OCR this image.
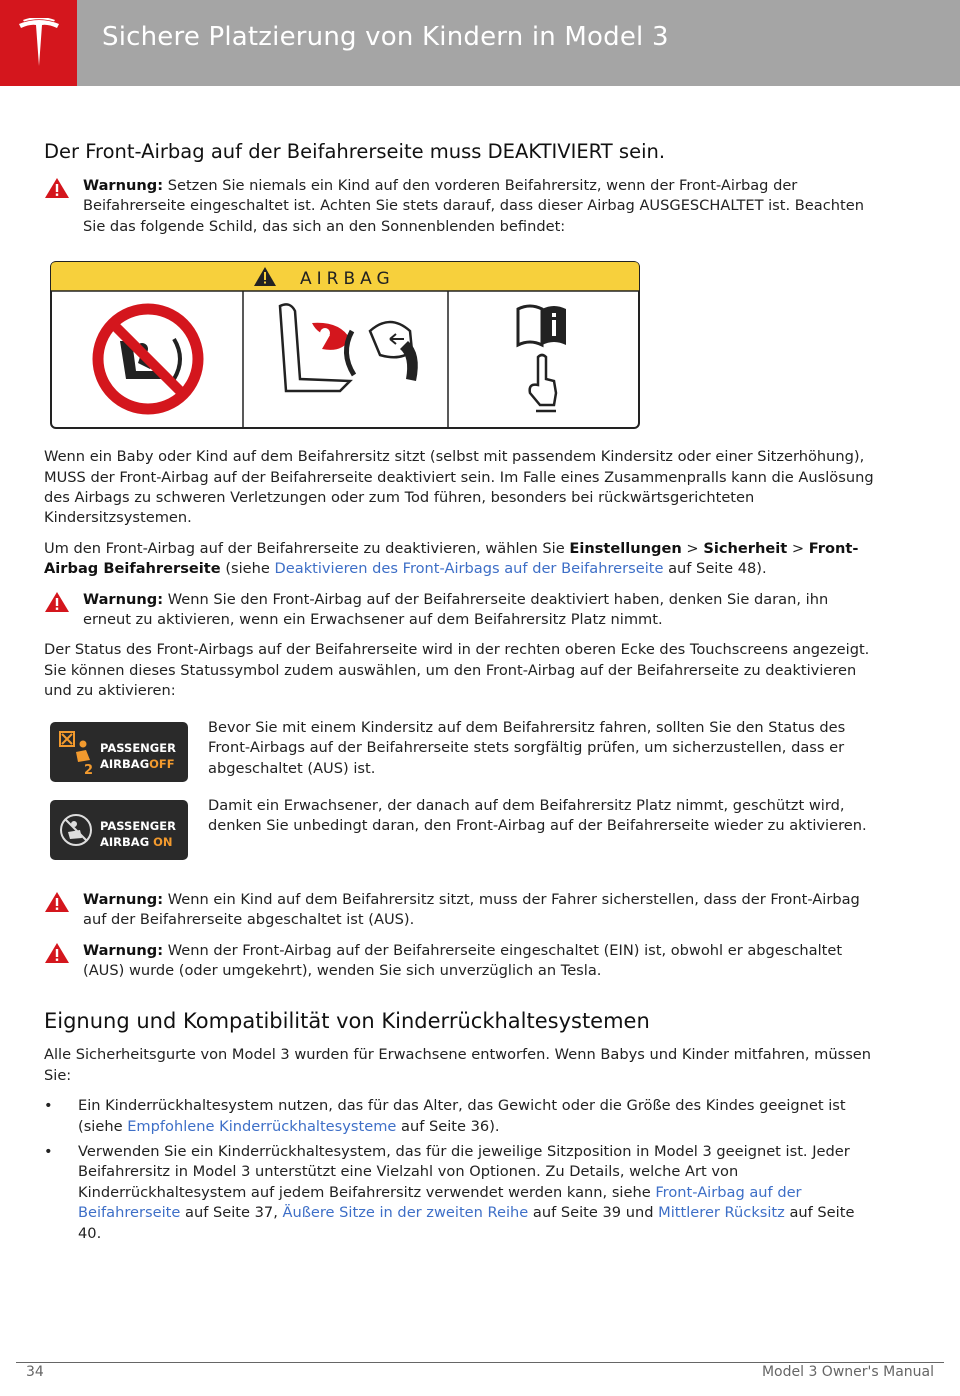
Sichere Platzierung von Kindern in Model 3
Der Front-Airbag auf der Beifahrerseite muss DEAKTIVIERT sein.
Warnung: Setzen Sie niemals ein Kind auf den vorderen Beifahrersitz, wenn der Front-Airbag der Beifahrerseite eingeschaltet ist. Achten Sie stets darauf, dass dieser Airbag AUSGESCHALTET ist. Beachten Sie das folgende Schild, das sich an den Sonnenblenden befindet:
AIRBAG

Wenn ein Baby oder Kind auf dem Beifahrersitz sitzt (selbst mit passendem Kindersitz oder einer Sitzerhöhung), MUSS der Front-Airbag auf der Beifahrerseite deaktiviert sein. Im Falle eines Zusammenpralls kann die Auslösung des Airbags zu schweren Verletzungen oder zum Tod führen, besonders bei rückwärtsgerichteten Kindersitzsystemen.

Um den Front-Airbag auf der Beifahrerseite zu deaktivieren, wählen Sie Einstellungen > Sicherheit > Front-Airbag Beifahrerseite (siehe Deaktivieren des Front-Airbags auf der Beifahrerseite auf Seite 48).

Warnung: Wenn Sie den Front-Airbag auf der Beifahrerseite deaktiviert haben, denken Sie daran, ihn erneut zu aktivieren, wenn ein Erwachsener auf dem Beifahrersitz Platz nimmt.

Der Status des Front-Airbags auf der Beifahrerseite wird in der rechten oberen Ecke des Touchscreens angezeigt. Sie können dieses Statussymbol zudem auswählen, um den Front-Airbag auf der Beifahrerseite zu deaktivieren und zu aktivieren:

2
PASSENGER
AIRBAGOFF
Bevor Sie mit einem Kindersitz auf dem Beifahrersitz fahren, sollten Sie den Status des Front-Airbags auf der Beifahrerseite stets sorgfältig prüfen, um sicherzustellen, dass er abgeschaltet (AUS) ist.
PASSENGER
AIRBAG ON
Damit ein Erwachsener, der danach auf dem Beifahrersitz Platz nimmt, geschützt wird, denken Sie unbedingt daran, den Front-Airbag auf der Beifahrerseite wieder zu aktivieren.
Warnung: Wenn ein Kind auf dem Beifahrersitz sitzt, muss der Fahrer sicherstellen, dass der Front-Airbag auf der Beifahrerseite abgeschaltet ist (AUS).
Warnung: Wenn der Front-Airbag auf der Beifahrerseite eingeschaltet (EIN) ist, obwohl er abgeschaltet (AUS) wurde (oder umgekehrt), wenden Sie sich unverzüglich an Tesla.
Eignung und Kompatibilität von Kinderrückhaltesystemen

Alle Sicherheitsgurte von Model 3 wurden für Erwachsene entworfen. Wenn Babys und Kinder mitfahren, müssen Sie:

• Ein Kinderrückhaltesystem nutzen, das für das Alter, das Gewicht oder die Größe des Kindes geeignet ist (siehe Empfohlene Kinderrückhaltesysteme auf Seite 36).
• Verwenden Sie ein Kinderrückhaltesystem, das für die jeweilige Sitzposition in Model 3 geeignet ist. Jeder Beifahrersitz in Model 3 unterstützt eine Vielzahl von Optionen. Zu Details, welche Art von Kinderrückhaltesystem auf jedem Beifahrersitz verwendet werden kann, siehe Front-Airbag auf der Beifahrerseite auf Seite 37, Äußere Sitze in der zweiten Reihe auf Seite 39 und Mittlerer Rücksitz auf Seite 40.
34	Model 3 Owner's Manual
